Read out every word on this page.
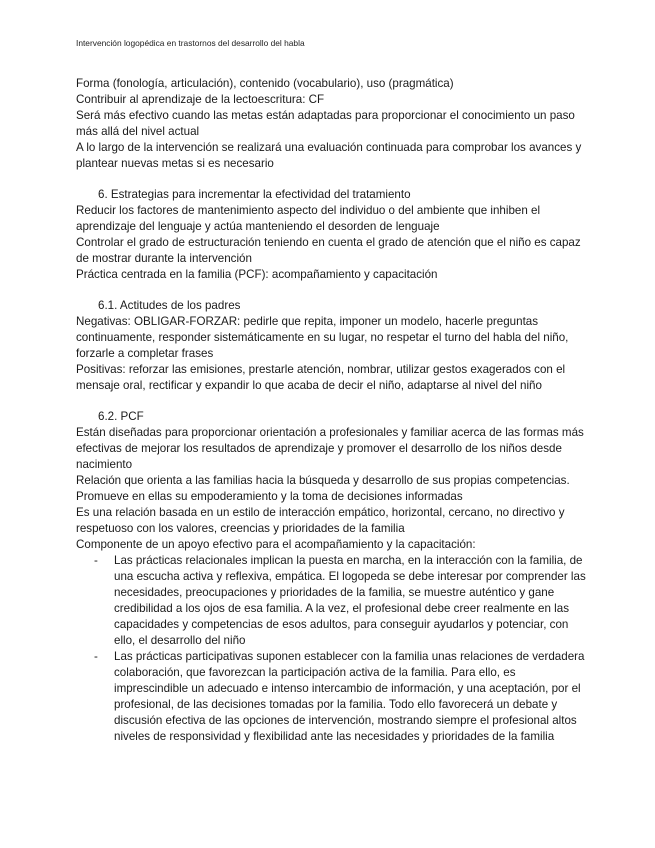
Intervención logopédica en trastornos del desarrollo del habla

Forma (fonología, articulación), contenido (vocabulario), uso (pragmática)

Contribuir al aprendizaje de la lectoescritura: CF

Será más efectivo cuando las metas están adaptadas para proporcionar el conocimiento un paso más allá del nivel actual

A lo largo de la intervención se realizará una evaluación continuada para comprobar los avances y plantear nuevas metas si es necesario

6. Estrategias para incrementar la efectividad del tratamiento

Reducir los factores de mantenimiento aspecto del individuo o del ambiente que inhiben el aprendizaje del lenguaje y actúa manteniendo el desorden de lenguaje

Controlar el grado de estructuración teniendo en cuenta el grado de atención que el niño es capaz de mostrar durante la intervención

Práctica centrada en la familia (PCF): acompañamiento y capacitación

6.1. Actitudes de los padres

Negativas: OBLIGAR-FORZAR: pedirle que repita, imponer un modelo, hacerle preguntas continuamente, responder sistemáticamente en su lugar, no respetar el turno del habla del niño, forzarle a completar frases

Positivas: reforzar las emisiones, prestarle atención, nombrar, utilizar gestos exagerados con el mensaje oral, rectificar y expandir lo que acaba de decir el niño, adaptarse al nivel del niño

6.2. PCF

Están diseñadas para proporcionar orientación a profesionales y familiar acerca de las formas más efectivas de mejorar los resultados de aprendizaje y promover el desarrollo de los niños desde nacimiento

Relación que orienta a las familias hacia la búsqueda y desarrollo de sus propias competencias. Promueve en ellas su empoderamiento y la toma de decisiones informadas

Es una relación basada en un estilo de interacción empático, horizontal, cercano, no directivo y respetuoso con los valores, creencias y prioridades de la familia

Componente de un apoyo efectivo para el acompañamiento y la capacitación:

- Las prácticas relacionales implican la puesta en marcha, en la interacción con la familia, de una escucha activa y reflexiva, empática. El logopeda se debe interesar por comprender las necesidades, preocupaciones y prioridades de la familia, se muestre auténtico y gane credibilidad a los ojos de esa familia. A la vez, el profesional debe creer realmente en las capacidades y competencias de esos adultos, para conseguir ayudarlos y potenciar, con ello, el desarrollo del niño
- Las prácticas participativas suponen establecer con la familia unas relaciones de verdadera colaboración, que favorezcan la participación activa de la familia. Para ello, es imprescindible un adecuado e intenso intercambio de información, y una aceptación, por el profesional, de las decisiones tomadas por la familia. Todo ello favorecerá un debate y discusión efectiva de las opciones de intervención, mostrando siempre el profesional altos niveles de responsividad y flexibilidad ante las necesidades y prioridades de la familia
